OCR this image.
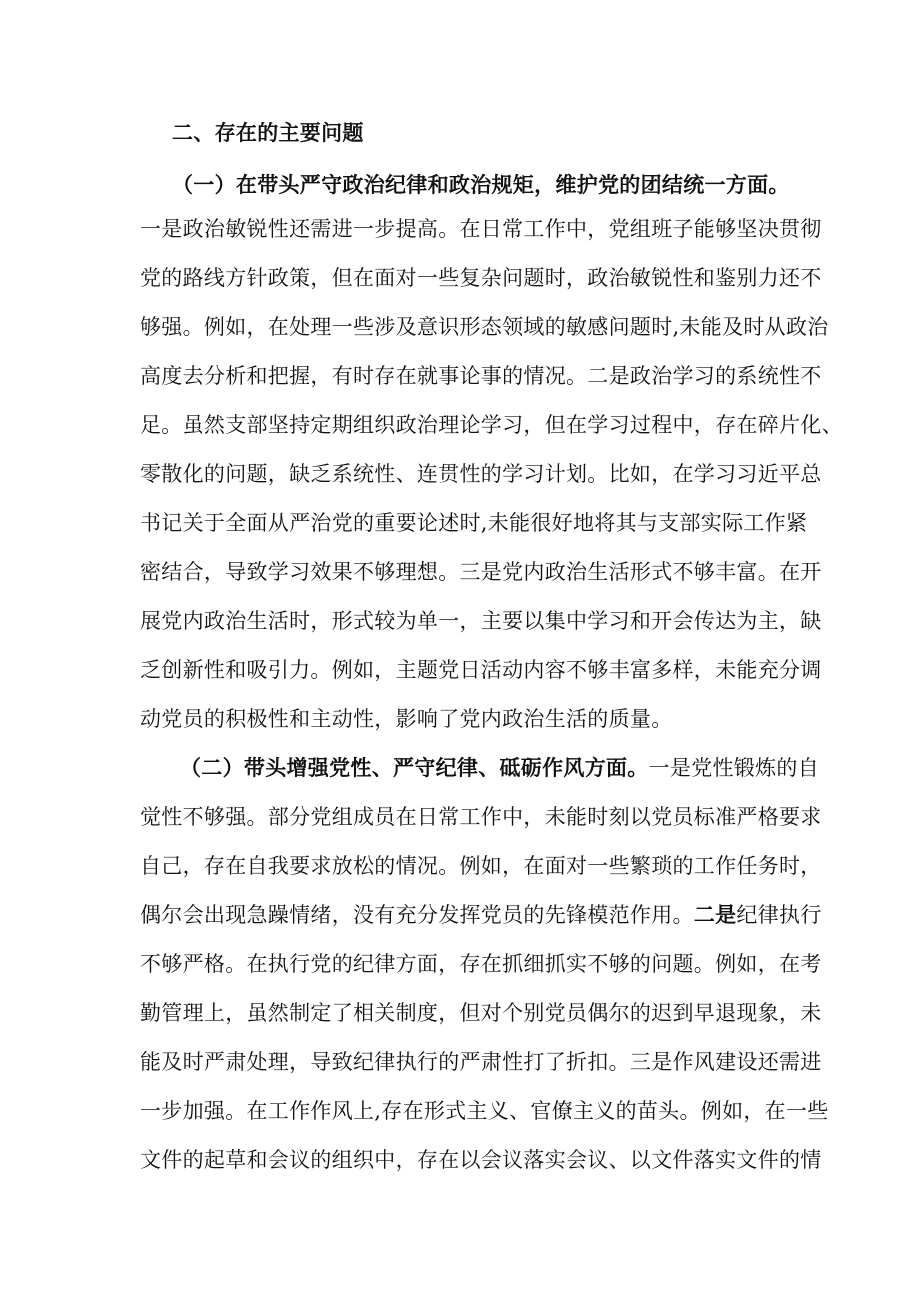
二、存在的主要问题
（一）在带头严守政治纪律和政治规矩，维护党的团结统一方面。
一是政治敏锐性还需进一步提高。在日常工作中，党组班子能够坚决贯彻
党的路线方针政策，但在面对一些复杂问题时，政治敏锐性和鉴别力还不
够强。例如，在处理一些涉及意识形态领域的敏感问题时,未能及时从政治
高度去分析和把握，有时存在就事论事的情况。二是政治学习的系统性不
足。虽然支部坚持定期组织政治理论学习，但在学习过程中，存在碎片化、
零散化的问题，缺乏系统性、连贯性的学习计划。比如，在学习习近平总
书记关于全面从严治党的重要论述时,未能很好地将其与支部实际工作紧
密结合，导致学习效果不够理想。三是党内政治生活形式不够丰富。在开
展党内政治生活时，形式较为单一，主要以集中学习和开会传达为主，缺
乏创新性和吸引力。例如，主题党日活动内容不够丰富多样，未能充分调
动党员的积极性和主动性，影响了党内政治生活的质量。
（二）带头增强党性、严守纪律、砥砺作风方面。一是党性锻炼的自
觉性不够强。部分党组成员在日常工作中，未能时刻以党员标准严格要求
自己，存在自我要求放松的情况。例如，在面对一些繁琐的工作任务时，
偶尔会出现急躁情绪，没有充分发挥党员的先锋模范作用。二是纪律执行
不够严格。在执行党的纪律方面，存在抓细抓实不够的问题。例如，在考
勤管理上，虽然制定了相关制度，但对个别党员偶尔的迟到早退现象，未
能及时严肃处理，导致纪律执行的严肃性打了折扣。三是作风建设还需进
一步加强。在工作作风上,存在形式主义、官僚主义的苗头。例如，在一些
文件的起草和会议的组织中，存在以会议落实会议、以文件落实文件的情
